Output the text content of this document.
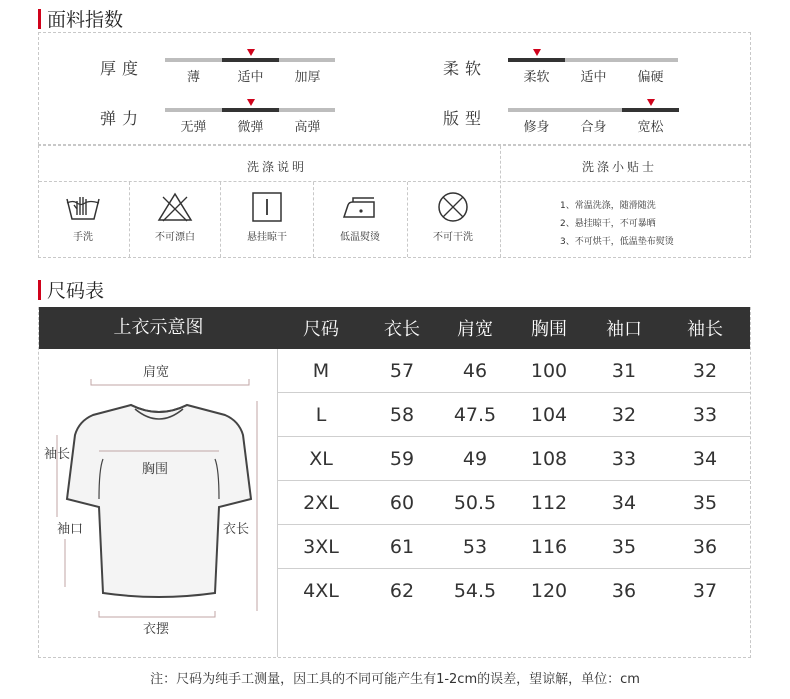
面料指数
厚度	薄	适中	加厚
弹力	无弹	微弹	高弹
柔软	柔软	适中	偏硬
版型	修身	合身	宽松
洗涤说明	洗涤小贴士
手洗	不可漂白	悬挂晾干	低温熨烫	不可干洗
1、常温洗涤，随滑随洗
2、悬挂晾干，不可暴晒
3、不可烘干，低温垫布熨烫
尺码表
上衣示意图
肩宽
袖长
胸围
袖口	衣长
衣摆
尺码	衣长	肩宽	胸围	袖口	袖长
M	57	46	100	31	32
L	58	47.5	104	32	33
XL	59	49	108	33	34
2XL	60	50.5	112	34	35
3XL	61	53	116	35	36
4XL	62	54.5	120	36	37
注：尺码为纯手工测量，因工具的不同可能产生有1-2cm的误差，望谅解，单位：cm
